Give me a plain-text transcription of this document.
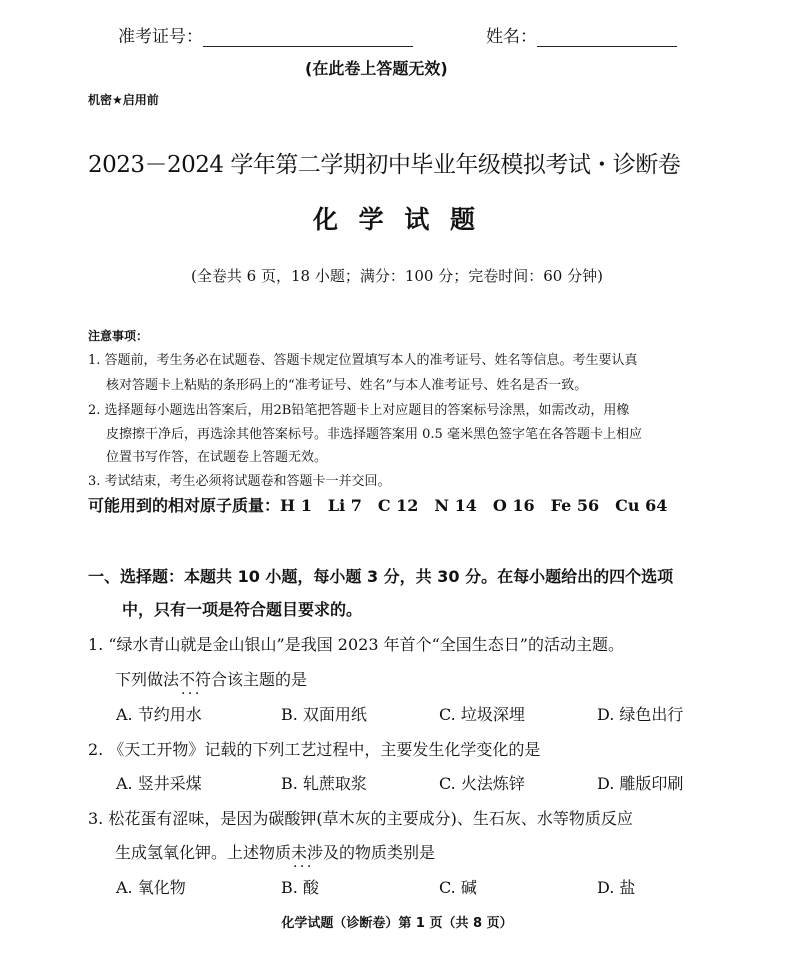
准考证号：	姓名：
(在此卷上答题无效)
机密★启用前
2023－2024 学年第二学期初中毕业年级模拟考试・诊断卷
化 学 试 题
(全卷共 6 页，18 小题；满分：100 分；完卷时间：60 分钟)
注意事项：
1. 答题前，考生务必在试题卷、答题卡规定位置填写本人的准考证号、姓名等信息。考生要认真
核对答题卡上粘贴的条形码上的“准考证号、姓名”与本人准考证号、姓名是否一致。
2. 选择题每小题选出答案后，用2B铅笔把答题卡上对应题目的答案标号涂黑，如需改动，用橡
皮擦擦干净后，再选涂其他答案标号。非选择题答案用 0.5 毫米黑色签字笔在各答题卡上相应
位置书写作答，在试题卷上答题无效。
3. 考试结束，考生必须将试题卷和答题卡一并交回。
可能用到的相对原子质量：H 1　Li 7　C 12　N 14　O 16　Fe 56　Cu 64
一、选择题：本题共 10 小题，每小题 3 分，共 30 分。在每小题给出的四个选项
中，只有一项是符合题目要求的。
1. “绿水青山就是金山银山”是我国 2023 年首个“全国生态日”的活动主题。
下列做法不符合 · · ·该主题的是
A. 节约用水	B. 双面用纸	C. 垃圾深埋	D. 绿色出行
2. 《天工开物》记载的下列工艺过程中，主要发生化学变化的是
A. 竖井采煤	B. 轧蔗取浆	C. 火法炼锌	D. 雕版印刷
3. 松花蛋有涩味，是因为碳酸钾(草木灰的主要成分)、生石灰、水等物质反应
生成氢氧化钾。上述物质未涉及 · · ·的物质类别是
A. 氧化物	B. 酸	C. 碱	D. 盐
化学试题（诊断卷）第 1 页（共 8 页）
